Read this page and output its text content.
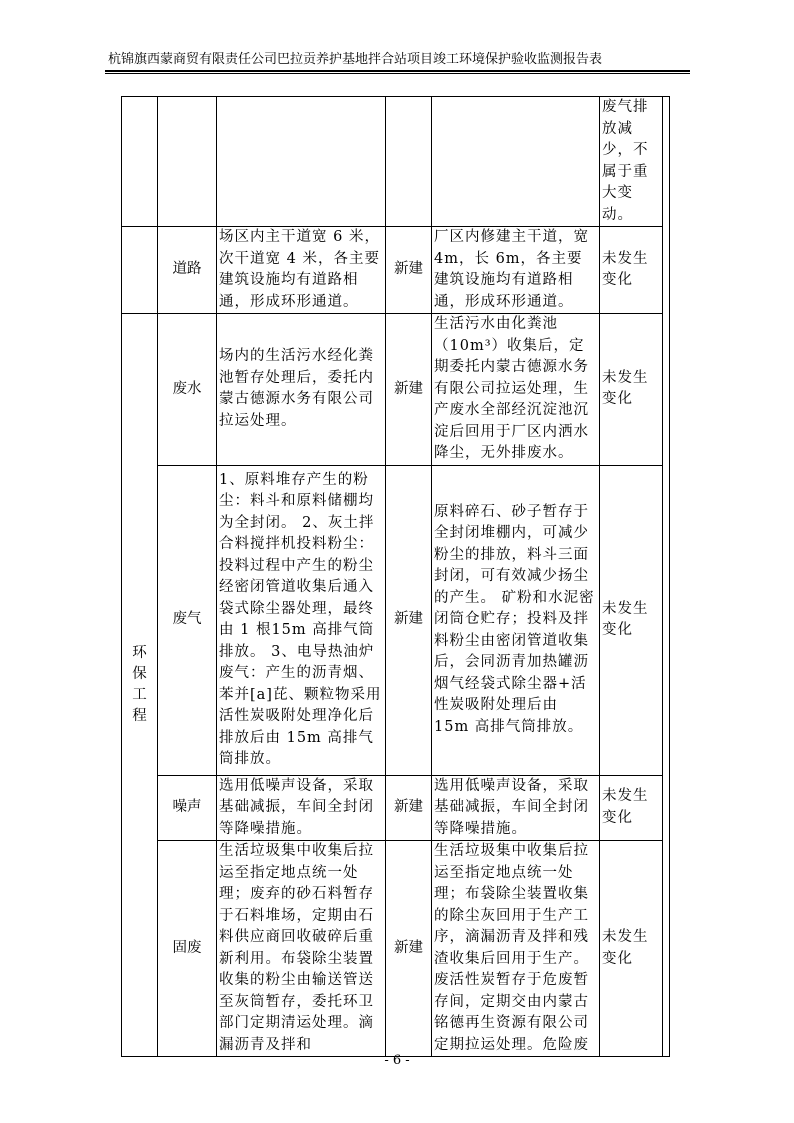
杭锦旗西蒙商贸有限责任公司巴拉贡养护基地拌合站项目竣工环境保护验收监测报告表
					废气排放减少，不属于重大变动。	
	道路	场区内主干道宽 6 米，次干道宽 4 米，各主要建筑设施均有道路相通，形成环形通道。	新建	厂区内修建主干道，宽4m，长 6m，各主要建筑设施均有道路相通，形成环形通道。	未发生变化	
环保工程	废水	场内的生活污水经化粪池暂存处理后，委托内蒙古德源水务有限公司拉运处理。	新建	生活污水由化粪池（10m³）收集后，定期委托内蒙古德源水务有限公司拉运处理，生产废水全部经沉淀池沉淀后回用于厂区内洒水降尘，无外排废水。	未发生变化	
	废气	1、原料堆存产生的粉尘：料斗和原料储棚均为全封闭。 2、灰土拌合料搅拌机投料粉尘：投料过程中产生的粉尘经密闭管道收集后通入袋式除尘器处理，最终由 1 根15m 高排气筒排放。 3、电导热油炉废气：产生的沥青烟、苯并[a]芘、颗粒物采用活性炭吸附处理净化后排放后由 15m 高排气筒排放。	新建	原料碎石、砂子暂存于全封闭堆棚内，可减少粉尘的排放，料斗三面封闭，可有效减少扬尘的产生。 矿粉和水泥密闭筒仓贮存；投料及拌料粉尘由密闭管道收集后，会同沥青加热罐沥烟气经袋式除尘器+活性炭吸附处理后由 15m 高排气筒排放。	未发生变化	
	噪声	选用低噪声设备，采取基础减振，车间全封闭等降噪措施。	新建	选用低噪声设备，采取基础减振，车间全封闭等降噪措施。	未发生变化	
	固废	生活垃圾集中收集后拉运至指定地点统一处理；废弃的砂石料暂存于石料堆场，定期由石料供应商回收破碎后重新利用。布袋除尘装置收集的粉尘由输送管送至灰筒暂存，委托环卫部门定期清运处理。滴漏沥青及拌和	新建	生活垃圾集中收集后拉运至指定地点统一处理；布袋除尘装置收集的除尘灰回用于生产工序，滴漏沥青及拌和残渣收集后回用于生产。废活性炭暂存于危废暂存间，定期交由内蒙古铭德再生资源有限公司定期拉运处理。危险废	未发生变化	
- 6 -
